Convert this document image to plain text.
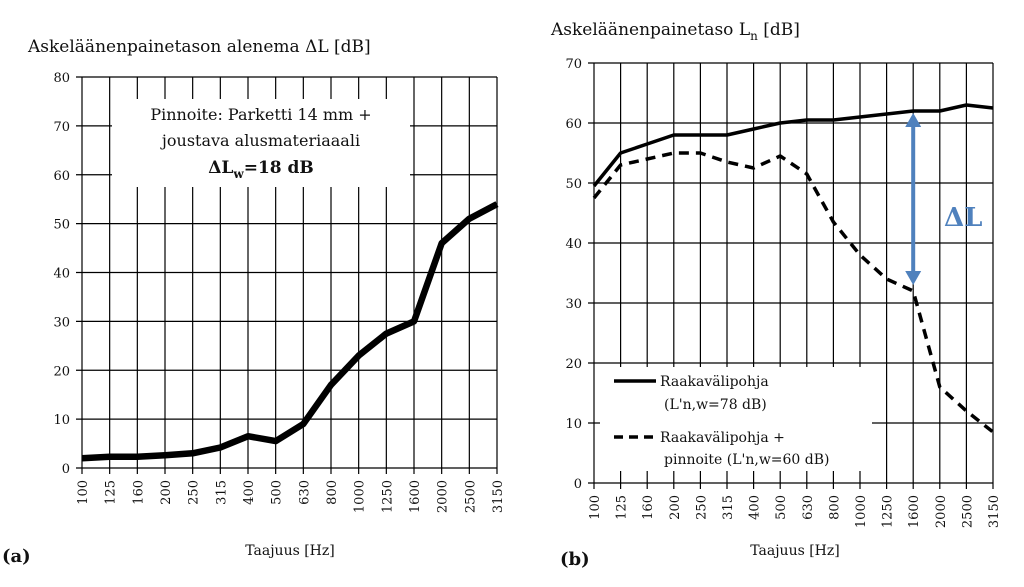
Askeläänenpainetason alenema ΔL [dB]
0
10
20
30
40
50
60
70
80
100 125 160 200 250 315 400 500 630 800 1000 1250 1600 2000 2500 3150
Pinnoite: Parketti 14 mm +
joustava alusmateriaaali
$\Delta L_w=18$ dB
Taajuus [Hz]
(a)
Askeläänenpainetaso $L_n$ [dB]
0
10
20
30
40
50
60
70
100 125 160 200 250 315 400 500 630 800 1000 1250 1600 2000 2500 3150
ΔL
Raakavälipohja
(L'n,w=78 dB)
Raakavälipohja +
pinnoite (L'n,w=60 dB)
Taajuus [Hz]
(b)
